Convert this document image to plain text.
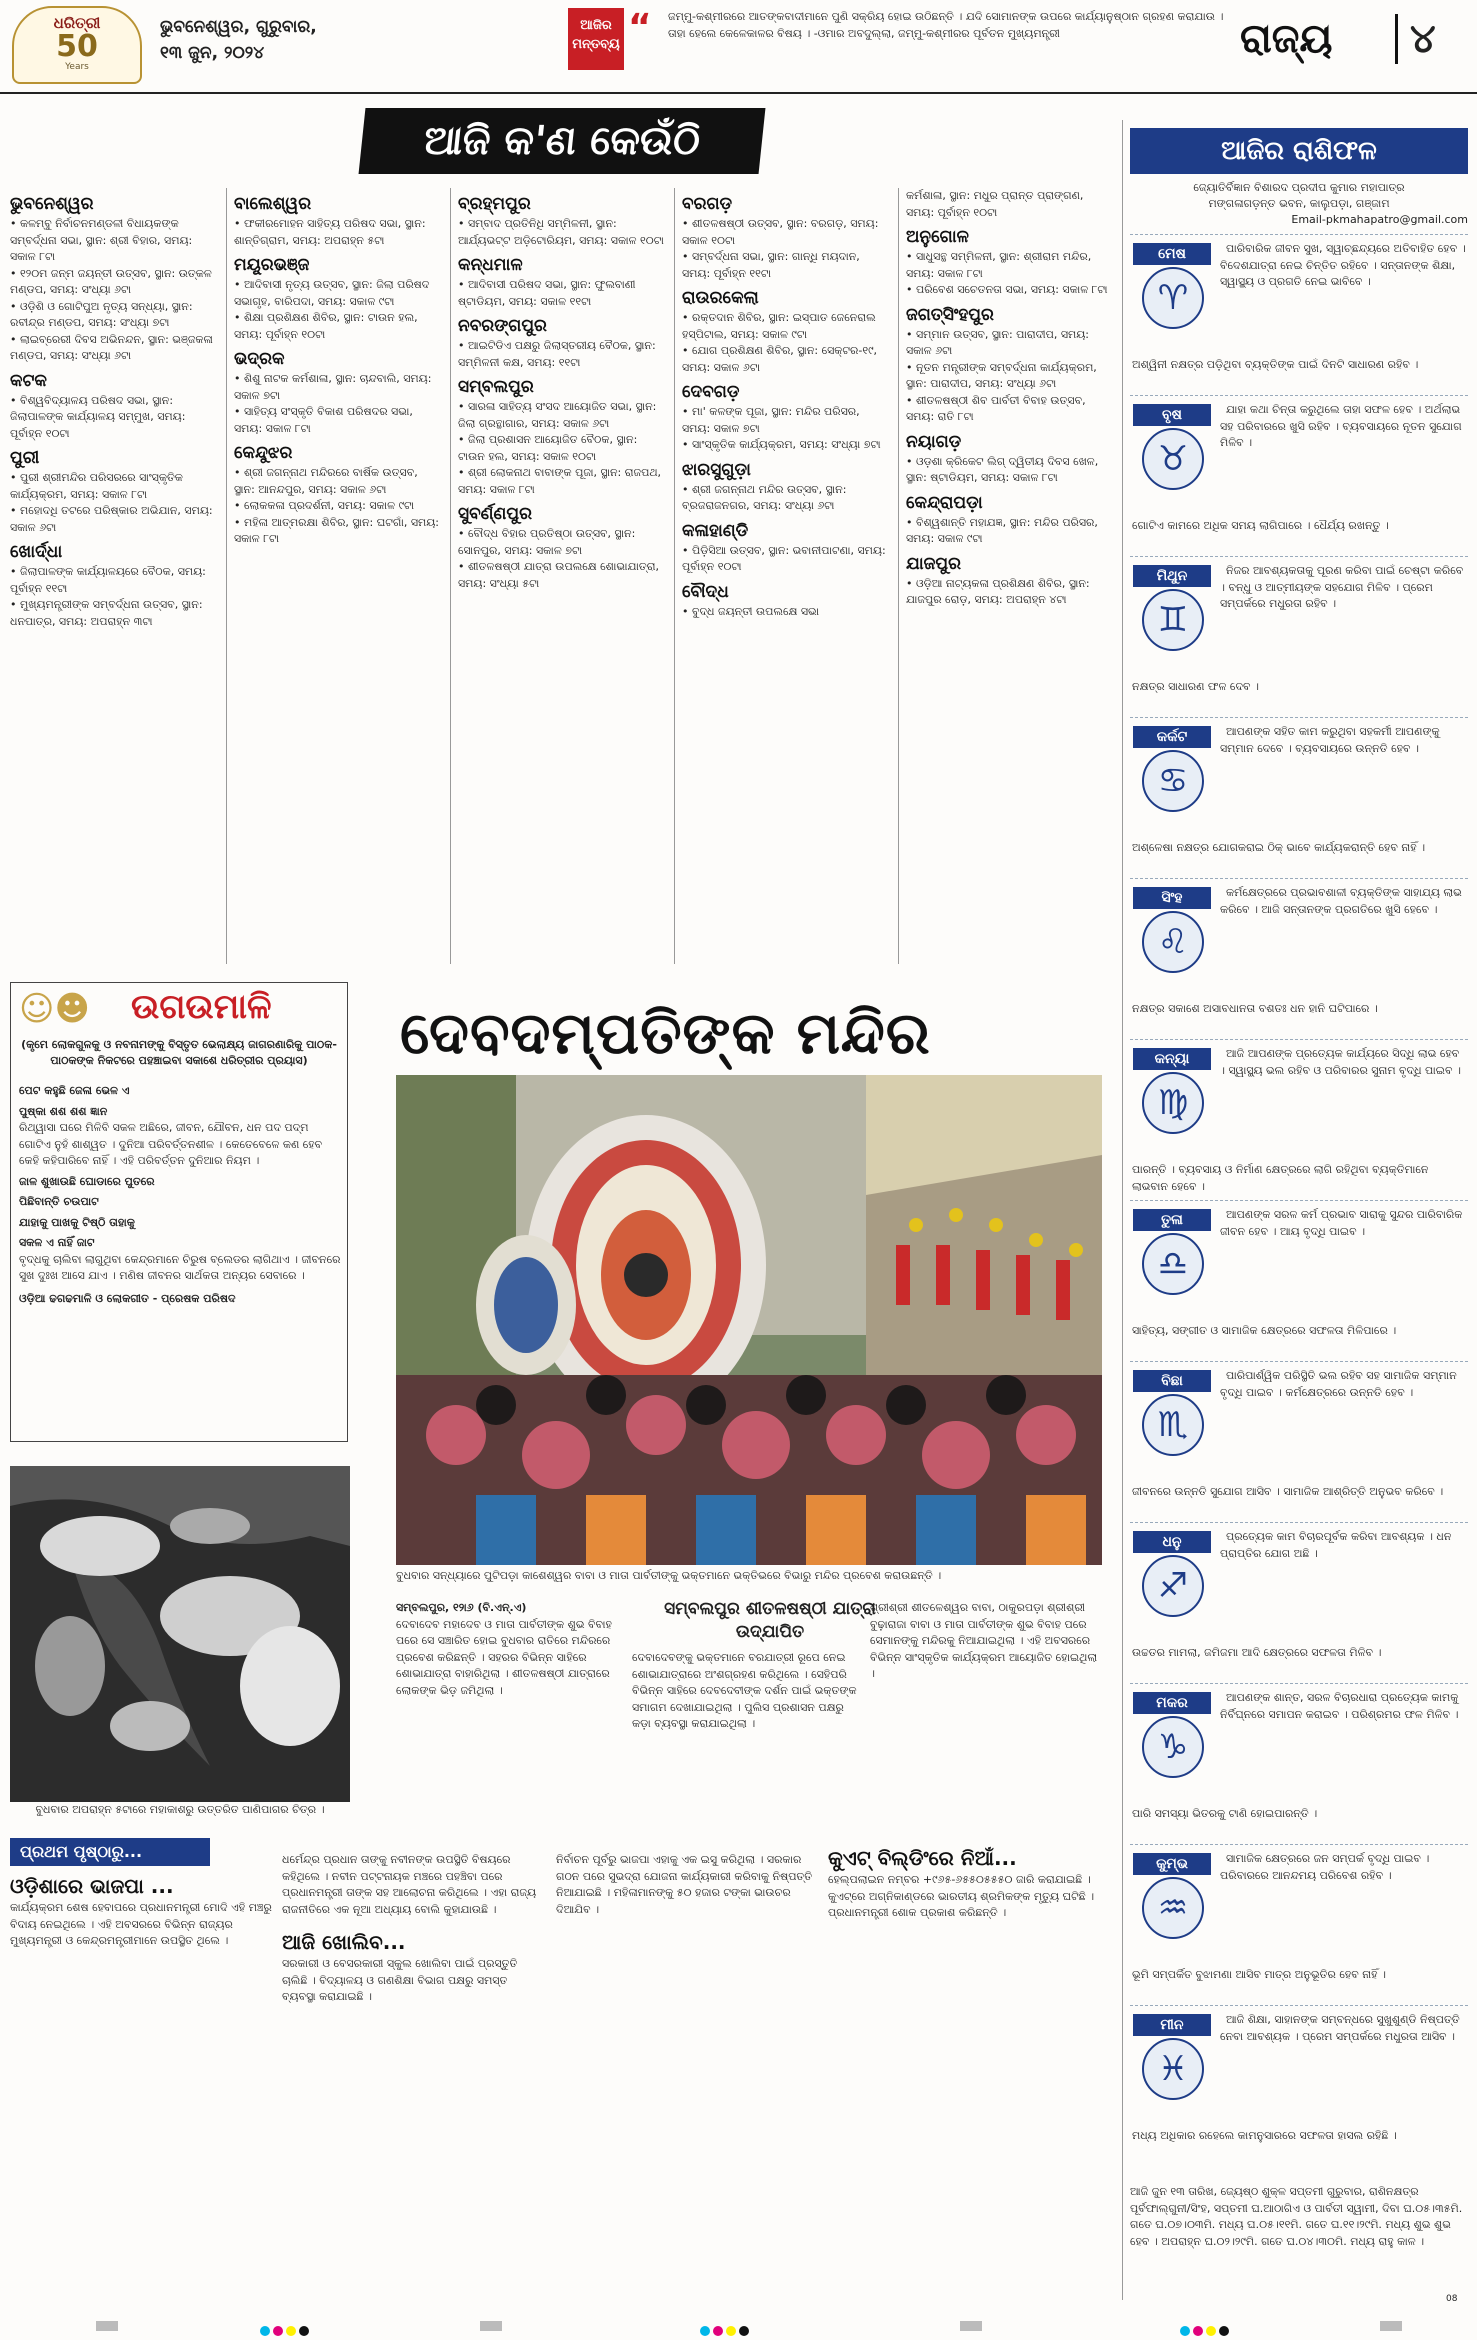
ଧରିତ୍ରୀ
50
Years
ଭୁବନେଶ୍ୱର, ଗୁରୁବାର,
୧୩ ଜୁନ, ୨୦୨୪
ଆଜିର
ମନ୍ତବ୍ୟ “	ଜମ୍ମୁ-କଶ୍ମୀରରେ ଆତଙ୍କବାଦୀମାନେ ପୁଣି ସକ୍ରିୟ ହୋଇ ଉଠିଛନ୍ତି । ଯଦି ସୋମାନଙ୍କ ଉପରେ କାର୍ଯ୍ୟାନୁଷ୍ଠାନ ଗ୍ରହଣ କରାଯାଉ । ତାହା ହେଲେ କେଳେକାଳର ବିଷୟ । -ଓମାର ଅବଦୁଲ୍ଲା, ଜମ୍ମୁ-କଶ୍ମୀରର ପୂର୍ବତନ ମୁଖ୍ୟମନ୍ତ୍ରୀ	ରାଜ୍ୟ ୪
ଆଜି କ'ଣ କେଉଁଠି
ଭୁବନେଶ୍ୱର
• କଳମ୍ବୁ ନିର୍ବାଚନମଣ୍ଡଳୀ ବିଧାୟକଙ୍କ ସମ୍ବର୍ଦ୍ଧନା ସଭା, ସ୍ଥାନ: ଶ୍ରୀ ବିହାର, ସମୟ: ସକାଳ ୮ଟା
• ୧୨୦ମ ଜନ୍ମ ଜୟନ୍ତୀ ଉତ୍ସବ, ସ୍ଥାନ: ଉତ୍କଳ ମଣ୍ଡପ, ସମୟ: ସଂଧ୍ୟା ୬ଟା
• ଓଡ଼ିଶି ଓ ଗୋଟିପୁଅ ନୃତ୍ୟ ସନ୍ଧ୍ୟା, ସ୍ଥାନ: ରବୀନ୍ଦ୍ର ମଣ୍ଡପ, ସମୟ: ସଂଧ୍ୟା ୭ଟା
• ଲାଇବ୍ରେରୀ ଦିବସ ଅଭିନନ୍ଦନ, ସ୍ଥାନ: ଭଞ୍ଜକଳା ମଣ୍ଡପ, ସମୟ: ସଂଧ୍ୟା ୬ଟା
କଟକ
• ବିଶ୍ୱବିଦ୍ୟାଳୟ ପରିଷଦ ସଭା, ସ୍ଥାନ: ଜିଲାପାଳଙ୍କ କାର୍ଯ୍ୟାଳୟ ସମ୍ମୁଖ, ସମୟ: ପୂର୍ବାହ୍ନ ୧୦ଟା
ପୁରୀ
• ପୁରୀ ଶ୍ରୀମନ୍ଦିର ପରିସରରେ ସାଂସ୍କୃତିକ କାର୍ଯ୍ୟକ୍ରମ, ସମୟ: ସକାଳ ୮ଟା
• ମହୋଦଧି ତଟରେ ପରିଷ୍କାର ଅଭିଯାନ, ସମୟ: ସକାଳ ୬ଟା
ଖୋର୍ଦ୍ଧା
• ଜିଲାପାଳଙ୍କ କାର୍ଯ୍ୟାଳୟରେ ବୈଠକ, ସମୟ: ପୂର୍ବାହ୍ନ ୧୧ଟା
• ମୁଖ୍ୟମନ୍ତ୍ରୀଙ୍କ ସମ୍ବର୍ଦ୍ଧନା ଉତ୍ସବ, ସ୍ଥାନ: ଧନପାତ୍ର, ସମୟ: ଅପରାହ୍ନ ୩ଟା
ବାଲେଶ୍ୱର
• ଫକୀରମୋହନ ସାହିତ୍ୟ ପରିଷଦ ସଭା, ସ୍ଥାନ: ଶାନ୍ତିଗ୍ରାମ, ସମୟ: ଅପରାହ୍ନ ୫ଟା
ମୟୂରଭଞ୍ଜ
• ଆଦିବାସୀ ନୃତ୍ୟ ଉତ୍ସବ, ସ୍ଥାନ: ଜିଲା ପରିଷଦ ସଭାଗୃହ, ବାରିପଦା, ସମୟ: ସକାଳ ୯ଟା
• ଶିକ୍ଷା ପ୍ରଶିକ୍ଷଣ ଶିବିର, ସ୍ଥାନ: ଟାଉନ ହଲ, ସମୟ: ପୂର୍ବାହ୍ନ ୧୦ଟା
ଭଦ୍ରକ
• ଶିଶୁ ନାଟକ କର୍ମଶାଳା, ସ୍ଥାନ: ଚାନ୍ଦବାଲି, ସମୟ: ସକାଳ ୭ଟା
• ସାହିତ୍ୟ ସଂସ୍କୃତି ବିକାଶ ପରିଷଦର ସଭା, ସମୟ: ସକାଳ ୮ଟା
କେନ୍ଦୁଝର
• ଶ୍ରୀ ଜଗନ୍ନାଥ ମନ୍ଦିରରେ ବାର୍ଷିକ ଉତ୍ସବ, ସ୍ଥାନ: ଆନନ୍ଦପୁର, ସମୟ: ସକାଳ ୬ଟା
• ଲୋକକଳା ପ୍ରଦର୍ଶନୀ, ସମୟ: ସକାଳ ୯ଟା
• ମହିଳା ଆତ୍ମରକ୍ଷା ଶିବିର, ସ୍ଥାନ: ଘଟଗାଁ, ସମୟ: ସକାଳ ୮ଟା
ବ୍ରହ୍ମପୁର
• ସମ୍ବାଦ ପ୍ରତିନିଧି ସମ୍ମିଳନୀ, ସ୍ଥାନ: ଆର୍ଯ୍ୟଭଟ୍ଟ ଅଡ଼ିଟୋରିୟମ, ସମୟ: ସକାଳ ୧୦ଟା
କନ୍ଧମାଳ
• ଆଦିବାସୀ ପରିଷଦ ସଭା, ସ୍ଥାନ: ଫୁଲବାଣୀ ଷ୍ଟାଡିୟମ, ସମୟ: ସକାଳ ୧୧ଟା
ନବରଙ୍ଗପୁର
• ଆଇଟିଡିଏ ପକ୍ଷରୁ ଜିଲାସ୍ତରୀୟ ବୈଠକ, ସ୍ଥାନ: ସମ୍ମିଳନୀ କକ୍ଷ, ସମୟ: ୧୧ଟା
ସମ୍ବଲପୁର
• ସାରଳା ସାହିତ୍ୟ ସଂସଦ ଆୟୋଜିତ ସଭା, ସ୍ଥାନ: ଜିଲା ଗ୍ରନ୍ଥାଗାର, ସମୟ: ସକାଳ ୬ଟା
• ଜିଲା ପ୍ରଶାସନ ଆୟୋଜିତ ବୈଠକ, ସ୍ଥାନ: ଟାଉନ ହଲ, ସମୟ: ସକାଳ ୧୦ଟା
• ଶ୍ରୀ ଲୋକନାଥ ବାବାଙ୍କ ପୂଜା, ସ୍ଥାନ: ରାଜପଥ, ସମୟ: ସକାଳ ୮ଟା
ସୁବର୍ଣ୍ଣପୁର
• ବୌଦ୍ଧ ବିହାର ପ୍ରତିଷ୍ଠା ଉତ୍ସବ, ସ୍ଥାନ: ସୋନପୁର, ସମୟ: ସକାଳ ୭ଟା
• ଶୀତଳଷଷ୍ଠୀ ଯାତ୍ରା ଉପଲକ୍ଷେ ଶୋଭାଯାତ୍ରା, ସମୟ: ସଂଧ୍ୟା ୫ଟା
ବରଗଡ଼
• ଶୀତଳଷଷ୍ଠୀ ଉତ୍ସବ, ସ୍ଥାନ: ବରଗଡ଼, ସମୟ: ସକାଳ ୧୦ଟା
• ସମ୍ବର୍ଦ୍ଧନା ସଭା, ସ୍ଥାନ: ଗାନ୍ଧି ମୟଦାନ, ସମୟ: ପୂର୍ବାହ୍ନ ୧୧ଟା
ରାଉରକେଲା
• ରକ୍ତଦାନ ଶିବିର, ସ୍ଥାନ: ଇସ୍ପାତ ଜେନେରାଲ ହସ୍ପିଟାଲ, ସମୟ: ସକାଳ ୯ଟା
• ଯୋଗ ପ୍ରଶିକ୍ଷଣ ଶିବିର, ସ୍ଥାନ: ସେକ୍ଟର-୧୯, ସମୟ: ସକାଳ ୬ଟା
ଦେବଗଡ଼
• ମା' କଳଙ୍କ ପୂଜା, ସ୍ଥାନ: ମନ୍ଦିର ପରିସର, ସମୟ: ସକାଳ ୭ଟା
• ସାଂସ୍କୃତିକ କାର୍ଯ୍ୟକ୍ରମ, ସମୟ: ସଂଧ୍ୟା ୭ଟା
ଝାରସୁଗୁଡ଼ା
• ଶ୍ରୀ ଜଗନ୍ନାଥ ମନ୍ଦିର ଉତ୍ସବ, ସ୍ଥାନ: ବ୍ରଜରାଜନଗର, ସମୟ: ସଂଧ୍ୟା ୬ଟା
କଳାହାଣ୍ଡି
• ପିଡ଼ିସିଆ ଉତ୍ସବ, ସ୍ଥାନ: ଭବାନୀପାଟଣା, ସମୟ: ପୂର୍ବାହ୍ନ ୧୦ଟା
ବୌଦ୍ଧ
• ବୁଦ୍ଧ ଜୟନ୍ତୀ ଉପଲକ୍ଷେ ସଭା
କର୍ମଶାଳା, ସ୍ଥାନ: ମଧୁର ପ୍ରାନ୍ତ ପ୍ରାଙ୍ଗଣ, ସମୟ: ପୂର୍ବାହ୍ନ ୧୦ଟା
ଅନୁଗୋଳ
• ସାଧୁସନ୍ଥ ସମ୍ମିଳନୀ, ସ୍ଥାନ: ଶ୍ରୀରାମ ମନ୍ଦିର, ସମୟ: ସକାଳ ୮ଟା
• ପରିବେଶ ସଚେତନତା ସଭା, ସମୟ: ସକାଳ ୮ଟା
ଜଗତ୍‌ସିଂହପୁର
• ସମ୍ମାନ ଉତ୍ସବ, ସ୍ଥାନ: ପାରାଦୀପ, ସମୟ: ସକାଳ ୬ଟା
• ନୂତନ ମନ୍ତ୍ରୀଙ୍କ ସମ୍ବର୍ଦ୍ଧନା କାର୍ଯ୍ୟକ୍ରମ, ସ୍ଥାନ: ପାରାଦୀପ, ସମୟ: ସଂଧ୍ୟା ୬ଟା
• ଶୀତଳଷଷ୍ଠୀ ଶିବ ପାର୍ବତୀ ବିବାହ ଉତ୍ସବ, ସମୟ: ରାତି ୮ଟା
ନୟାଗଡ଼
• ଓଡ଼ଶା କ୍ରିକେଟ ଲିଗ୍ ଦ୍ୱିତୀୟ ଦିବସ ଖେଳ, ସ୍ଥାନ: ଷ୍ଟାଡିୟମ, ସମୟ: ସକାଳ ୮ଟା
କେନ୍ଦ୍ରାପଡ଼ା
• ବିଶ୍ୱଶାନ୍ତି ମହାଯଜ୍ଞ, ସ୍ଥାନ: ମନ୍ଦିର ପରିସର, ସମୟ: ସକାଳ ୯ଟା
ଯାଜପୁର
• ଓଡ଼ିଆ ନାଟ୍ୟକଳା ପ୍ରଶିକ୍ଷଣ ଶିବିର, ସ୍ଥାନ: ଯାଜପୁର ରୋଡ଼, ସମୟ: ଅପରାହ୍ନ ୪ଟା
ଆଜିର ରାଶିଫଳ
ଜ୍ୟୋତିର୍ବିଜ୍ଞାନ ବିଶାରଦ ପ୍ରଦୀପ କୁମାର ମହାପାତ୍ର
ମଙ୍ଗଳାଗଡ଼ନ୍ତ ଭବନ, କାଲୁପଡ଼ା, ଗଞ୍ଜାମ
Email-pkmahapatro@gmail.com
ମେଷ
♈
ପାରିବାରିକ ଜୀବନ ସୁଖ, ସ୍ୱାଚ୍ଛନ୍ଦ୍ୟରେ ଅତିବାହିତ ହେବ । ବିଦେଶଯାତ୍ରା ନେଇ ଚିନ୍ତିତ ରହିବେ । ସନ୍ତାନଙ୍କ ଶିକ୍ଷା, ସ୍ୱାସ୍ଥ୍ୟ ଓ ପ୍ରଗତି ନେଇ ଭାବିବେ ।
ଅଶ୍ୱିନୀ ନକ୍ଷତ୍ର ପଡ଼ିଥିବା ବ୍ୟକ୍ତିଙ୍କ ପାଇଁ ଦିନଟି ସାଧାରଣ ରହିବ ।
ବୃଷ
♉
ଯାହା କଥା ଚିନ୍ତା କରୁଥିଲେ ତାହା ସଫଳ ହେବ । ଅର୍ଥଲାଭ ସହ ପରିବାରରେ ଖୁସି ରହିବ । ବ୍ୟବସାୟରେ ନୂତନ ସୁଯୋଗ ମିଳିବ ।
ଗୋଟିଏ କାମରେ ଅଧିକ ସମୟ ଲାଗିପାରେ । ଧୈର୍ଯ୍ୟ ରଖନ୍ତୁ ।
ମିଥୁନ
♊
ନିଜର ଆବଶ୍ୟକତାକୁ ପୂରଣ କରିବା ପାଇଁ ଚେଷ୍ଟା କରିବେ । ବନ୍ଧୁ ଓ ଆତ୍ମୀୟଙ୍କ ସହଯୋଗ ମିଳିବ । ପ୍ରେମ ସମ୍ପର୍କରେ ମଧୁରତା ରହିବ ।
ନକ୍ଷତ୍ର ସାଧାରଣ ଫଳ ଦେବ ।
କର୍କଟ
♋
ଆପଣଙ୍କ ସହିତ କାମ କରୁଥିବା ସହକର୍ମୀ ଆପଣଙ୍କୁ ସମ୍ମାନ ଦେବେ । ବ୍ୟବସାୟରେ ଉନ୍ନତି ହେବ ।
ଅଶ୍ଳେଷା ନକ୍ଷତ୍ର ଯୋଗକରାଇ ଠିକ୍ ଭାବେ କାର୍ଯ୍ୟକରାନ୍ତି ହେବ ନାହିଁ ।
ସିଂହ
♌
କର୍ମକ୍ଷେତ୍ରରେ ପ୍ରଭାବଶାଳୀ ବ୍ୟକ୍ତିଙ୍କ ସାହାଯ୍ୟ ଲାଭ କରିବେ । ଆଜି ସନ୍ତାନଙ୍କ ପ୍ରଗତିରେ ଖୁସି ହେବେ ।
ନକ୍ଷତ୍ର ସକାଶେ ଅସାବଧାନତା ବଶତଃ ଧନ ହାନି ଘଟିପାରେ ।
କନ୍ୟା
♍
ଆଜି ଆପଣଙ୍କ ପ୍ରତ୍ୟେକ କାର୍ଯ୍ୟରେ ସିଦ୍ଧି ଲାଭ ହେବ । ସ୍ୱାସ୍ଥ୍ୟ ଭଲ ରହିବ ଓ ପରିବାରର ସୁନାମ ବୃଦ୍ଧି ପାଇବ ।
ପାରନ୍ତି । ବ୍ୟବସାୟ ଓ ନିର୍ମାଣ କ୍ଷେତ୍ରରେ ଲାଗି ରହିଥିବା ବ୍ୟକ୍ତିମାନେ ଲାଭବାନ ହେବେ ।
ତୁଳା
♎
ଆପଣଙ୍କ ସରଳ କର୍ମ ପ୍ରଭାବ ସାରାକୁ ସୁନ୍ଦର ପାରିବାରିକ ଜୀବନ ହେବ । ଆୟ ବୃଦ୍ଧି ପାଇବ ।
ସାହିତ୍ୟ, ସଙ୍ଗୀତ ଓ ସାମାଜିକ କ୍ଷେତ୍ରରେ ସଫଳତା ମିଳିପାରେ ।
ବିଛା
♏
ପାରିପାର୍ଶ୍ୱିକ ପରିସ୍ଥିତି ଭଲ ରହିବ ସହ ସାମାଜିକ ସମ୍ମାନ ବୃଦ୍ଧି ପାଇବ । କର୍ମକ୍ଷେତ୍ରରେ ଉନ୍ନତି ହେବ ।
ଜୀବନରେ ଉନ୍ନତି ସୁଯୋଗ ଆସିବ । ସାମାଜିକ ଆଶ୍ରିତ୍ତି ଅନୁଭବ କରିବେ ।
ଧନୁ
♐
ପ୍ରତ୍ୟେକ କାମ ବିଚାରପୂର୍ବକ କରିବା ଆବଶ୍ୟକ । ଧନ ପ୍ରାପ୍ତିର ଯୋଗ ଅଛି ।
ଉଚ୍ଚତର ମାମଲା, ଜମିଜମା ଆଦି କ୍ଷେତ୍ରରେ ସଫଳତା ମିଳିବ ।
ମକର
♑
ଆପଣଙ୍କ ଶାନ୍ତ, ସରଳ ବିଚାରଧାରା ପ୍ରତ୍ୟେକ କାମକୁ ନିର୍ବିଘ୍ନରେ ସମାପନ କରାଇବ । ପରିଶ୍ରମର ଫଳ ମିଳିବ ।
ପାରି ସମସ୍ୟା ଭିତରକୁ ଟାଣି ହୋଇପାରନ୍ତି ।
କୁମ୍ଭ
♒
ସାମାଜିକ କ୍ଷେତ୍ରରେ ଜନ ସମ୍ପର୍କ ବୃଦ୍ଧି ପାଇବ । ପରିବାରରେ ଆନନ୍ଦମୟ ପରିବେଶ ରହିବ ।
ଭୂମି ସମ୍ପର୍କିତ ବୁଝାମଣା ଆସିବ ମାତ୍ର ଅନୁଭୂତିର ହେବ ନାହିଁ ।
ମୀନ
♓
ଆଜି ଶିକ୍ଷା, ସାହାନଙ୍କ ସମ୍ବନ୍ଧରେ ସୁଖୁଶୁଣ୍ଡି ନିଷ୍ପତ୍ତି ନେବା ଆବଶ୍ୟକ । ପ୍ରେମ ସମ୍ପର୍କରେ ମଧୁରତା ଆସିବ ।
ମଧ୍ୟ ଅଧିକାର ରହେଲେ କାମନୁସାରରେ ସଫଳତା ହାସଲ ରହିଛି ।
ଆଜି ଜୁନ ୧୩ ତାରିଖ, ଜ୍ୟେଷ୍ଠ ଶୁକ୍ଳ ସପ୍ତମୀ ଗୁରୁବାର, ରାଶିନକ୍ଷତ୍ର ପୂର୍ବଫାଲ୍‌ଗୁନୀ/ସିଂହ, ସପ୍ତମୀ ଘ.ଆଠାଗିଏ ଓ ପାର୍ବତୀ ସ୍ୱାମୀ, ଦିବା ଘ.୦୫।୩୫ମି. ଗତେ ଘ.୦୭।୦୩ମି. ମଧ୍ୟ ଘ.୦୫।୧୧ମି. ଗତେ ଘ.୧୧।୨୯ମି. ମଧ୍ୟ ଶୁଭ ଶୁଭ ହେବ । ଅପରାହ୍ନ ଘ.୦୨।୨୯ମି. ଗତେ ଘ.୦୪।୩୦ମି. ମଧ୍ୟ ରାହୁ କାଳ ।
☺☻	ଉଗଉମାଳି
(କୃମେ ଲୋକଗୁଳକୁ ଓ ନବନାମଙ୍କୁ ବିସ୍ତୃତ ଭେଲାକ୍ଷ୍ୟ ଜାଗରଣାରିକୁ ପାଠକ-ପାଠକଙ୍କ ନିକଟରେ ପହଞ୍ଚାଇବା ସକାଶେ ଧରିତ୍ରୀର ପ୍ରୟାସ)
ପେଟ କହୁଛି ଜେଳା ଭେଳ ଏ
ପୁଷ୍କା ଶଶ ଶଶ ଜ୍ଞାନ

ରିଥ୍ୱାସା ଘରେ ମିଳିବି ସକଳ ଅଛିରେ, ଜୀବନ, ଯୌବନ, ଧନ ପଦ ପଦ୍ମ ଗୋଟିଏ ନୁହଁ ଶାଶ୍ୱତ । ଦୁନିଆ ପରିବର୍ତ୍ତନଶୀଳ । କେତେବେଳେ କଣ ହେବ କେହି କହିପାରିବେ ନାହିଁ । ଏହି ପରିବର୍ତ୍ତନ ଦୁନିଆର ନିୟମ ।

ଜାଳ ଶୁଖାଉଛି ଘୋଡାରେ ପୁତରେ
ପିଛିବାନ୍ତି ଚଉପାଟ
ଯାହାକୁ ପାଖକୁ ଟିଷ୍ଠି ତାହାକୁ
ସକଳ ଏ ନାହିଁ ଜାଟ

ବୃଦ୍ଧକୁ ଚାଲିବା ଲାଗୁଥିବା କେନ୍ଦ୍ରମାନେ ଚିରୁଷ ବ୍ଲେଡର ଲାଗିଥାଏ । ଜୀବନରେ ସୁଖ ଦୁଃଖ ଆସେ ଯାଏ । ମଣିଷ ଜୀବନର ସାର୍ଥକତା ଅନ୍ୟର ସେବାରେ ।

ଓଡ଼ିଆ ଢଗଢମାଳି ଓ ଲୋକଗୀତ - ପ୍ରେଷକ ପରିଷଦ

ଦେବଦମ୍ପତିଙ୍କ ମନ୍ଦିର
ବୁଧବାର ସନ୍ଧ୍ୟାରେ ପୁଟିପଡ଼ା କାଶେଶ୍ୱର ବାବା ଓ ମାତା ପାର୍ବତୀଙ୍କୁ ଭକ୍ତମାନେ ଭକ୍ତିଭରେ ବିଭାରୁ ମନ୍ଦିର ପ୍ରବେଶ କରାଉଛନ୍ତି ।
ସମ୍ବଲପୁର, ୧୨ା୬ (ବି.ଏନ୍‌.ଏ)
ଦେବାଦେବ ମହାଦେବ ଓ ମାତା ପାର୍ବତୀଙ୍କ ଶୁଭ ବିବାହ ପରେ ସେ ସଞ୍ଚାରିତ ହୋଇ ବୁଧବାର ରାତିରେ ମନ୍ଦିରରେ ପ୍ରବେଶ କରିଛନ୍ତି । ସହରର ବିଭିନ୍ନ ସାହିରେ ଶୋଭାଯାତ୍ରା ବାହାରିଥିଲା । ଶୀତଳଷଷ୍ଠୀ ଯାତ୍ରାରେ ଲୋକଙ୍କ ଭିଡ଼ ଜମିଥିଲା ।
ସମ୍ବଲପୁର ଶୀତଳଷଷ୍ଠୀ ଯାତ୍ରା ଉଦ୍‌ଯାପିତ
ଦେବାଦେବଙ୍କୁ ଭକ୍ତମାନେ ବରଯାତ୍ରୀ ରୂପେ ନେଇ ଶୋଭାଯାତ୍ରାରେ ଅଂଶଗ୍ରହଣ କରିଥିଲେ । ସେହିପରି ବିଭିନ୍ନ ସାହିରେ ଦେବଦେବୀଙ୍କ ଦର୍ଶନ ପାଇଁ ଭକ୍ତଙ୍କ ସମାଗମ ଦେଖାଯାଇଥିଲା । ପୁଲିସ ପ୍ରଶାସନ ପକ୍ଷରୁ କଡ଼ା ବ୍ୟବସ୍ଥା କରାଯାଇଥିଲା ।
ଶ୍ରୀଶ୍ରୀ ଶୀତଳେଶ୍ୱର ବାବା, ଠାକୁରପଡ଼ା ଶ୍ରୀଶ୍ରୀ ବୁଢ଼ାରାଜା ବାବା ଓ ମାତା ପାର୍ବତୀଙ୍କ ଶୁଭ ବିବାହ ପରେ ସେମାନଙ୍କୁ ମନ୍ଦିରକୁ ନିଆଯାଇଥିଲା । ଏହି ଅବସରରେ ବିଭିନ୍ନ ସାଂସ୍କୃତିକ କାର୍ଯ୍ୟକ୍ରମ ଆୟୋଜିତ ହୋଇଥିଲା ।
ବୁଧବାର ଅପରାହ୍ନ ୫ଟାରେ ମହାକାଶରୁ ଉତ୍ତରିତ ପାଣିପାଗର ଚିତ୍ର ।
ପ୍ରଥମ ପୃଷ୍ଠାରୁ...
ଓଡ଼ିଶାରେ ଭାଜପା ...
କାର୍ଯ୍ୟକ୍ରମ ଶେଷ ହେବାପରେ ପ୍ରଧାନମନ୍ତ୍ରୀ ମୋଦି ଏହି ମଞ୍ଚରୁ ବିଦାୟ ନେଇଥିଲେ । ଏହି ଅବସରରେ ବିଭିନ୍ନ ରାଜ୍ୟର ମୁଖ୍ୟମନ୍ତ୍ରୀ ଓ କେନ୍ଦ୍ରମନ୍ତ୍ରୀମାନେ ଉପସ୍ଥିତ ଥିଲେ ।
ଧର୍ମେନ୍ଦ୍ର ପ୍ରଧାନ ତାଙ୍କୁ ନବୀନଙ୍କ ଉପସ୍ଥିତି ବିଷୟରେ କହିଥିଲେ । ନବୀନ ପଟ୍ଟନାୟକ ମଞ୍ଚରେ ପହଞ୍ଚିବା ପରେ ପ୍ରଧାନମନ୍ତ୍ରୀ ତାଙ୍କ ସହ ଆଲୋଚନା କରିଥିଲେ । ଏହା ରାଜ୍ୟ ରାଜନୀତିରେ ଏକ ନୂଆ ଅଧ୍ୟାୟ ବୋଲି କୁହାଯାଉଛି ।
ଆଜି ଖୋଲିବ...
ସରକାରୀ ଓ ବେସରକାରୀ ସ୍କୁଲ ଖୋଲିବା ପାଇଁ ପ୍ରସ୍ତୁତି ଚାଲିଛି । ବିଦ୍ୟାଳୟ ଓ ଗଣଶିକ୍ଷା ବିଭାଗ ପକ୍ଷରୁ ସମସ୍ତ ବ୍ୟବସ୍ଥା କରାଯାଇଛି ।
ନିର୍ବାଚନ ପୂର୍ବରୁ ଭାଜପା ଏହାକୁ ଏକ ଇସୁ କରିଥିଲା । ସରକାର ଗଠନ ପରେ ସୁଭଦ୍ରା ଯୋଜନା କାର୍ଯ୍ୟକାରୀ କରିବାକୁ ନିଷ୍ପତ୍ତି ନିଆଯାଇଛି । ମହିଳାମାନଙ୍କୁ ୫୦ ହଜାର ଟଙ୍କା ଭାଉଚର ଦିଆଯିବ ।
କୁଏଟ୍ ବିଲ୍ଡିଂରେ ନିଆଁ...
ହେଲ୍ପଲାଇନ ନମ୍ବର +୯୬୫-୬୫୫୦୫୫୫୦ ଜାରି କରାଯାଇଛି । କୁଏଟ୍‌ରେ ଅଗ୍ନିକାଣ୍ଡରେ ଭାରତୀୟ ଶ୍ରମିକଙ୍କ ମୃତ୍ୟୁ ଘଟିଛି । ପ୍ରଧାନମନ୍ତ୍ରୀ ଶୋକ ପ୍ରକାଶ କରିଛନ୍ତି ।
08
